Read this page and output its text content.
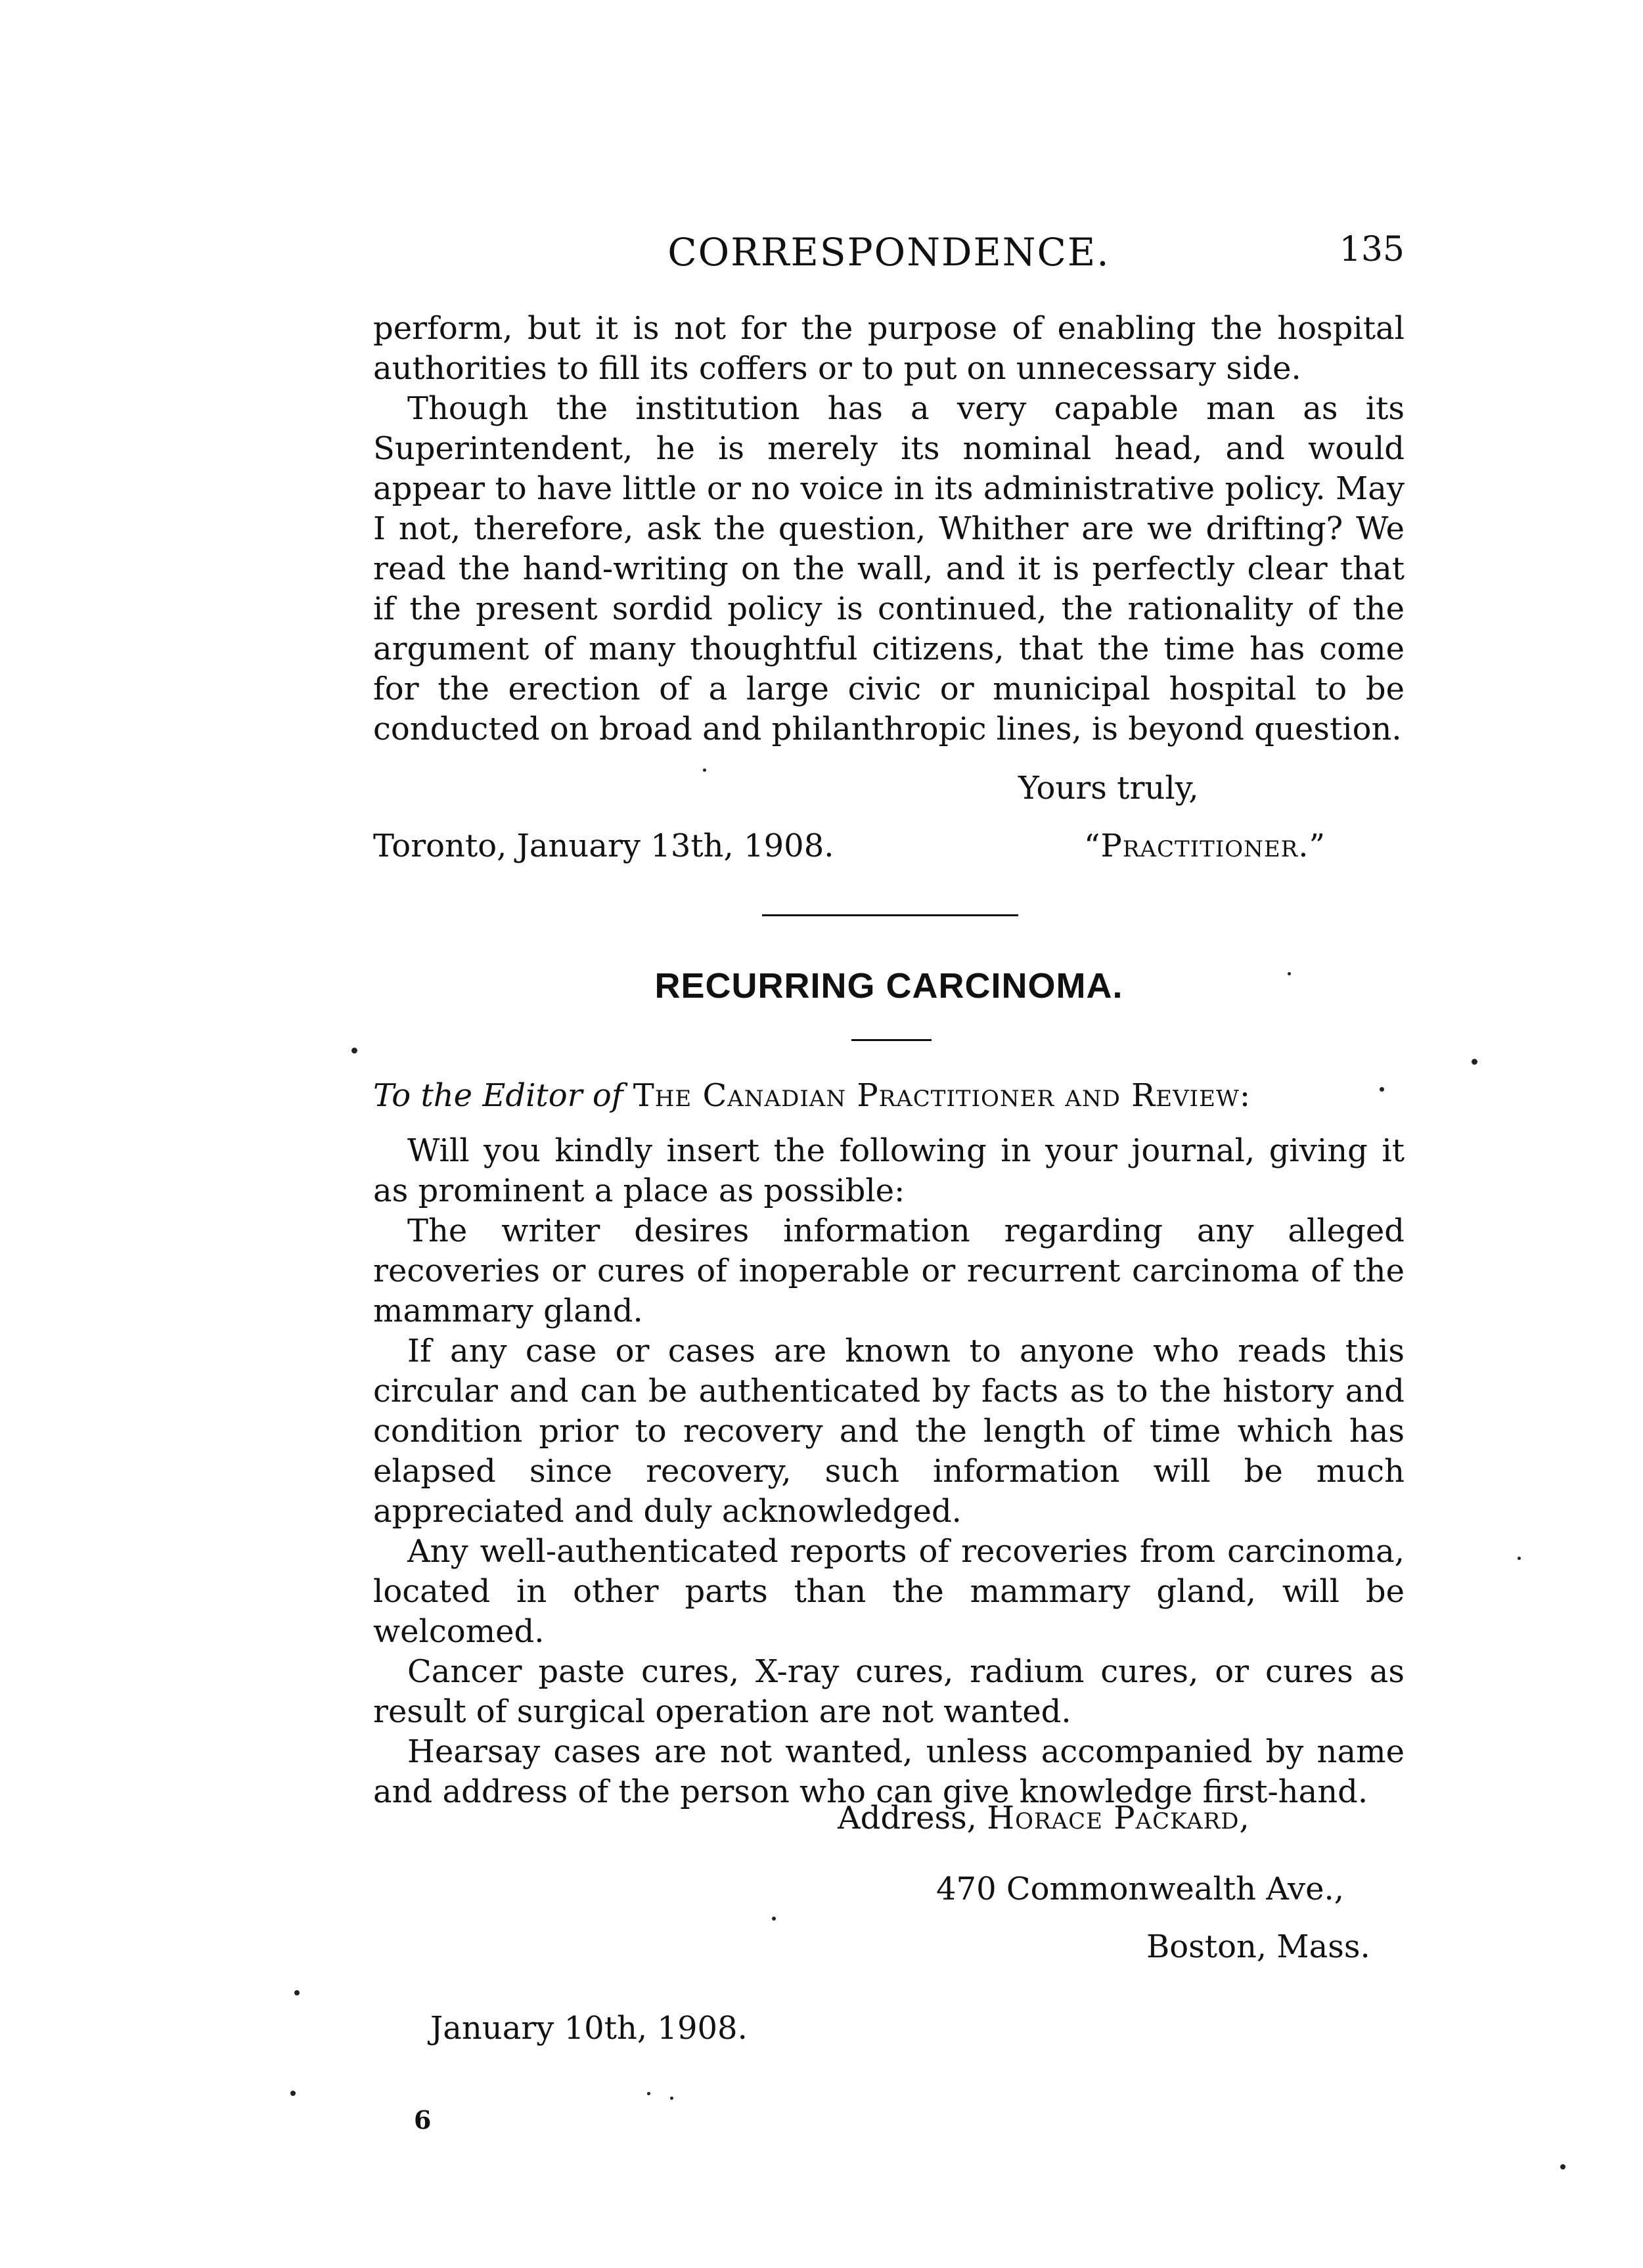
CORRESPONDENCE.	135

perform, but it is not for the purpose of enabling the hospital authorities to fill its coffers or to put on unnecessary side.

Though the institution has a very capable man as its Superintendent, he is merely its nominal head, and would appear to have little or no voice in its administrative policy. May I not, therefore, ask the question, Whither are we drifting? We read the hand-writing on the wall, and it is perfectly clear that if the present sordid policy is continued, the rationality of the argument of many thoughtful citizens, that the time has come for the erection of a large civic or municipal hospital to be conducted on broad and philanthropic lines, is beyond question.

Yours truly,
Toronto, January 13th, 1908.	“Practitioner.”
RECURRING CARCINOMA.
To the Editor of The Canadian Practitioner and Review:

Will you kindly insert the following in your journal, giving it as prominent a place as possible:

The writer desires information regarding any alleged recoveries or cures of inoperable or recurrent carcinoma of the mammary gland.

If any case or cases are known to anyone who reads this circular and can be authenticated by facts as to the history and condition prior to recovery and the length of time which has elapsed since recovery, such information will be much appreciated and duly acknowledged.

Any well-authenticated reports of recoveries from carcinoma, located in other parts than the mammary gland, will be welcomed.

Cancer paste cures, X-ray cures, radium cures, or cures as result of surgical operation are not wanted.

Hearsay cases are not wanted, unless accompanied by name and address of the person who can give knowledge first-hand.

Address, Horace Packard,
470 Commonwealth Ave.,
Boston, Mass.
January 10th, 1908.
6
